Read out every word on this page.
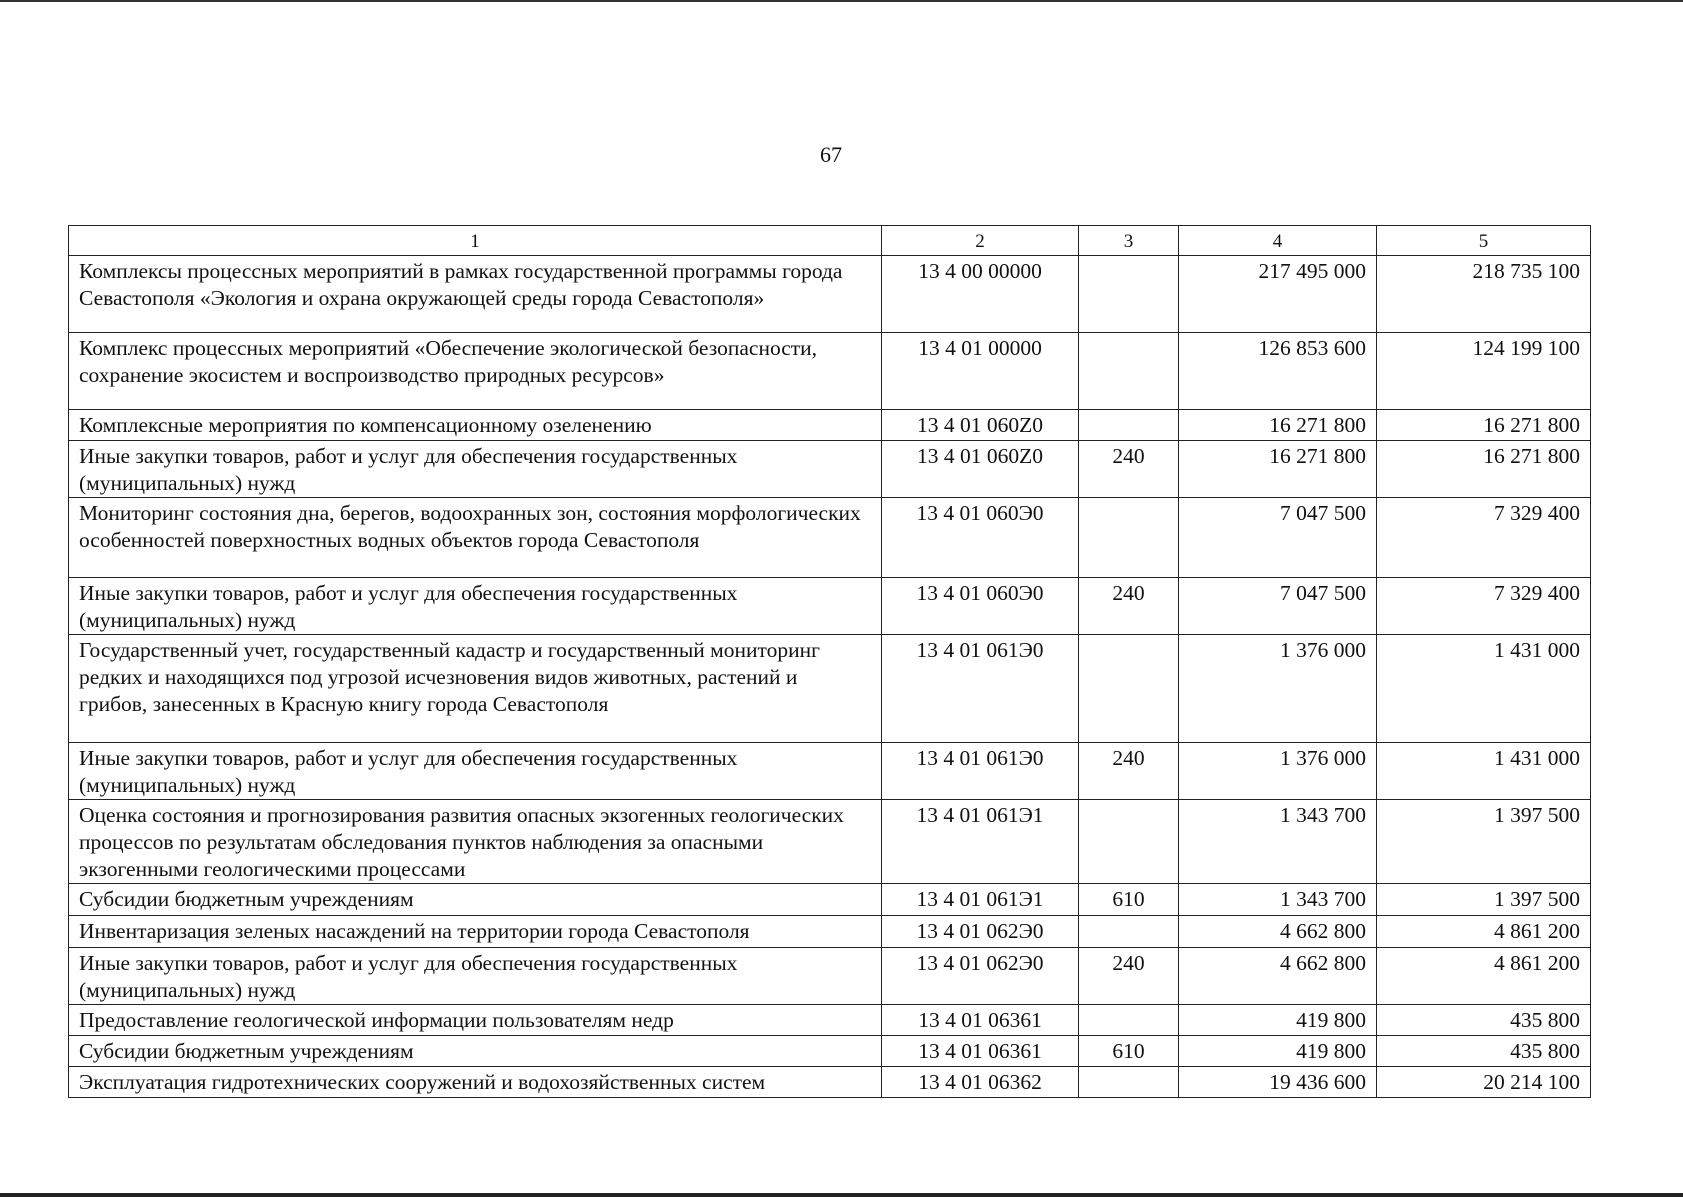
67
1	2	3	4	5
Комплексы процессных мероприятий в рамках государственной программы города Севастополя «Экология и охрана окружающей среды города Севастополя»	13 4 00 00000		217 495 000	218 735 100
Комплекс процессных мероприятий «Обеспечение экологической безопасности, сохранение экосистем и воспроизводство природных ресурсов»	13 4 01 00000		126 853 600	124 199 100
Комплексные мероприятия по компенсационному озеленению	13 4 01 060Z0		16 271 800	16 271 800
Иные закупки товаров, работ и услуг для обеспечения государственных (муниципальных) нужд	13 4 01 060Z0	240	16 271 800	16 271 800
Мониторинг состояния дна, берегов, водоохранных зон, состояния морфологических особенностей поверхностных водных объектов города Севастополя	13 4 01 060Э0		7 047 500	7 329 400
Иные закупки товаров, работ и услуг для обеспечения государственных (муниципальных) нужд	13 4 01 060Э0	240	7 047 500	7 329 400
Государственный учет, государственный кадастр и государственный мониторинг редких и находящихся под угрозой исчезновения видов животных, растений и грибов, занесенных в Красную книгу города Севастополя	13 4 01 061Э0		1 376 000	1 431 000
Иные закупки товаров, работ и услуг для обеспечения государственных (муниципальных) нужд	13 4 01 061Э0	240	1 376 000	1 431 000
Оценка состояния и прогнозирования развития опасных экзогенных геологических процессов по результатам обследования пунктов наблюдения за опасными экзогенными геологическими процессами	13 4 01 061Э1		1 343 700	1 397 500
Субсидии бюджетным учреждениям	13 4 01 061Э1	610	1 343 700	1 397 500
Инвентаризация зеленых насаждений на территории города Севастополя	13 4 01 062Э0		4 662 800	4 861 200
Иные закупки товаров, работ и услуг для обеспечения государственных (муниципальных) нужд	13 4 01 062Э0	240	4 662 800	4 861 200
Предоставление геологической информации пользователям недр	13 4 01 06361		419 800	435 800
Субсидии бюджетным учреждениям	13 4 01 06361	610	419 800	435 800
Эксплуатация гидротехнических сооружений и водохозяйственных систем	13 4 01 06362		19 436 600	20 214 100
